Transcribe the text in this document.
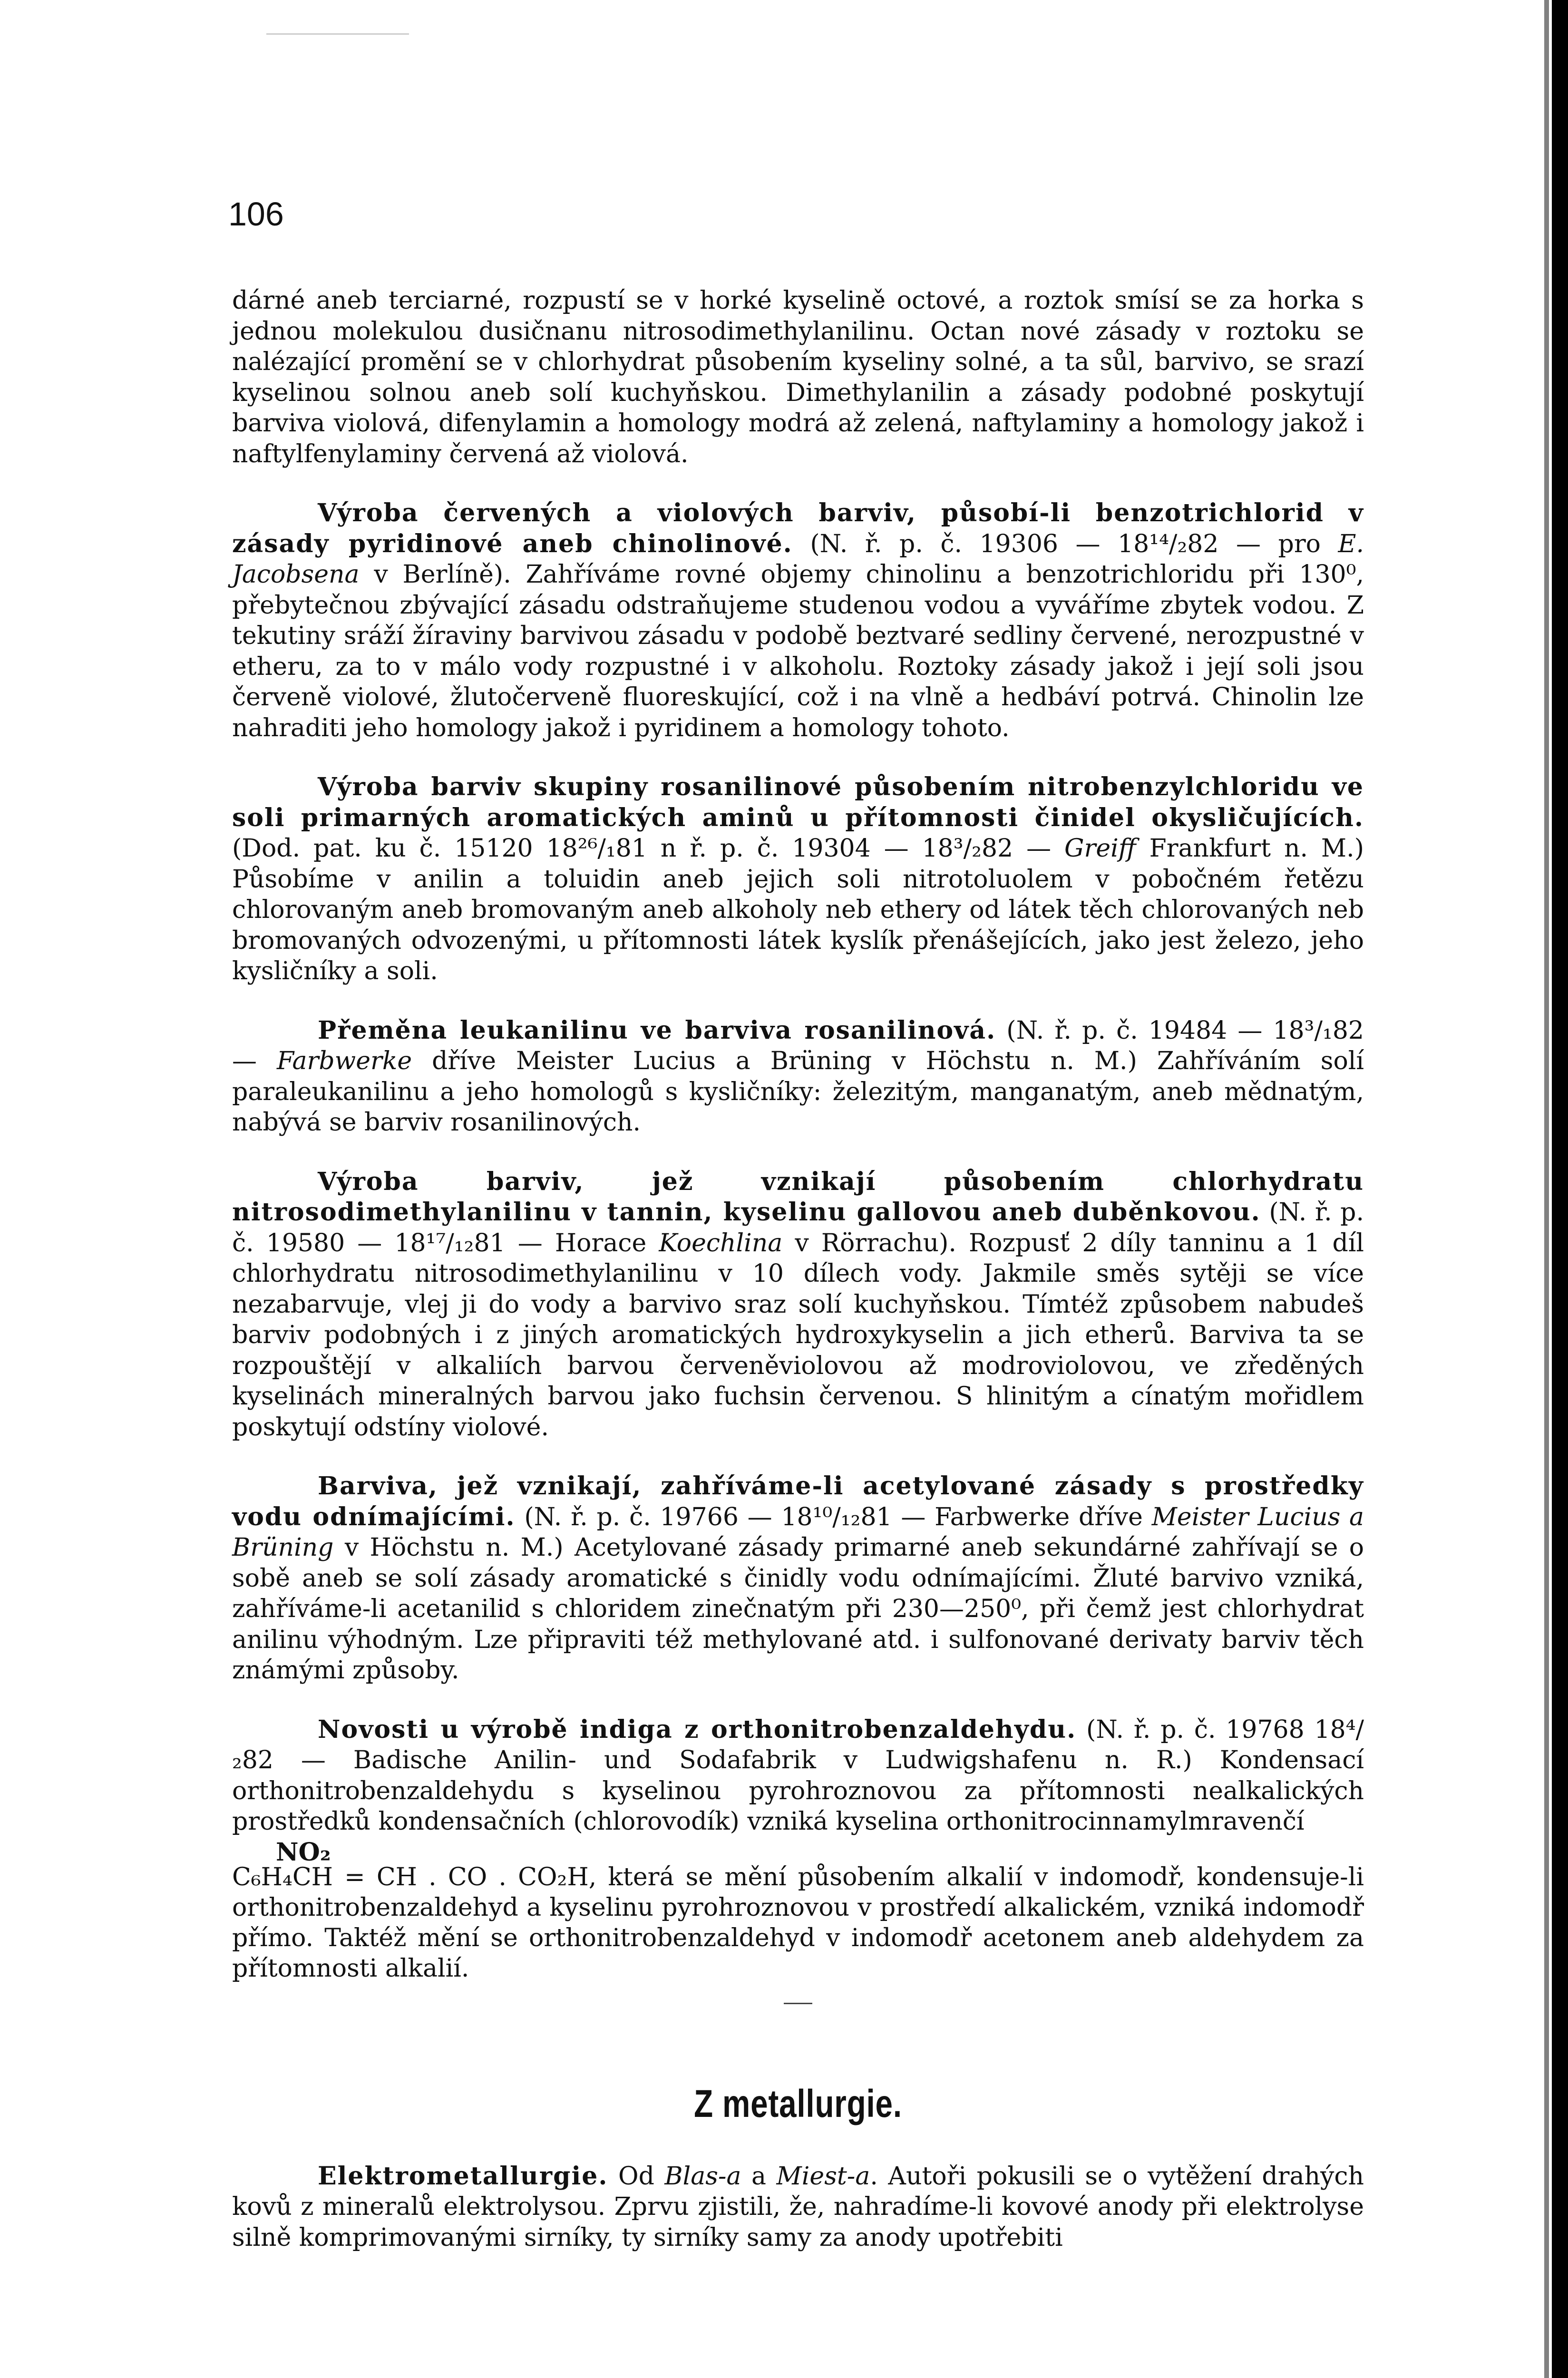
106

dárné aneb terciarné, rozpustí se v horké kyselině octové, a roztok smísí se za horka s jednou molekulou dusičnanu nitrosodimethylanilinu. Octan nové zásady v roztoku se nalézající promění se v chlorhydrat působením kyseliny solné, a ta sůl, barvivo, se srazí kyselinou solnou aneb solí kuchyňskou. Dimethylanilin a zásady podobné poskytují barviva violová, difenylamin a homology modrá až zelená, naftylaminy a homology jakož i naftylfenylaminy červená až violová.

Výroba červených a violových barviv, působí-li benzotrichlorid v zásady pyridinové aneb chinolinové. (N. ř. p. č. 19306 — 18¹⁴/₂82 — pro E. Jacobsena v Berlíně). Zahříváme rovné objemy chinolinu a benzotrichloridu při 130⁰, přebytečnou zbývající zásadu odstraňujeme studenou vodou a vyváříme zbytek vodou. Z tekutiny sráží žíraviny barvivou zásadu v podobě beztvaré sedliny červené, nerozpustné v etheru, za to v málo vody rozpustné i v alkoholu. Roztoky zásady jakož i její soli jsou červeně violové, žlutočerveně fluoreskující, což i na vlně a hedbáví potrvá. Chinolin lze nahraditi jeho homology jakož i pyridinem a homology tohoto.

Výroba barviv skupiny rosanilinové působením nitrobenzylchloridu ve soli primarných aromatických aminů u přítomnosti činidel okysličujících. (Dod. pat. ku č. 15120 18²⁶/₁81 n ř. p. č. 19304 — 18³/₂82 — Greiff Frankfurt n. M.) Působíme v anilin a toluidin aneb jejich soli nitrotoluolem v pobočném řetězu chlorovaným aneb bromovaným aneb alkoholy neb ethery od látek těch chlorovaných neb bromovaných odvozenými, u přítomnosti látek kyslík přenášejících, jako jest železo, jeho kysličníky a soli.

Přeměna leukanilinu ve barviva rosanilinová. (N. ř. p. č. 19484 — 18³/₁82 — Farbwerke dříve Meister Lucius a Brüning v Höchstu n. M.) Zahříváním solí paraleukanilinu a jeho homologů s kysličníky: železitým, manganatým, aneb mědnatým, nabývá se barviv rosanilinových.

Výroba barviv, jež vznikají působením chlorhydratu nitrosodimethylanilinu v tannin, kyselinu gallovou aneb duběnkovou. (N. ř. p. č. 19580 — 18¹⁷/₁₂81 — Horace Koechlina v Rörrachu). Rozpusť 2 díly tanninu a 1 díl chlorhydratu nitrosodimethylanilinu v 10 dílech vody. Jakmile směs sytěji se více nezabarvuje, vlej ji do vody a barvivo sraz solí kuchyňskou. Tímtéž způsobem nabudeš barviv podobných i z jiných aromatických hydroxykyselin a jich etherů. Barviva ta se rozpouštějí v alkaliích barvou červeněviolovou až modroviolovou, ve zředěných kyselinách mineralných barvou jako fuchsin červenou. S hlinitým a cínatým mořidlem poskytují odstíny violové.

Barviva, jež vznikají, zahříváme-li acetylované zásady s prostředky vodu odnímajícími. (N. ř. p. č. 19766 — 18¹⁰/₁₂81 — Farbwerke dříve Meister Lucius a Brüning v Höchstu n. M.) Acetylované zásady primarné aneb sekundárné zahřívají se o sobě aneb se solí zásady aromatické s činidly vodu odnímajícími. Žluté barvivo vzniká, zahříváme-li acetanilid s chloridem zinečnatým při 230—250⁰, při čemž jest chlorhydrat anilinu výhodným. Lze připraviti též methylované atd. i sulfonované derivaty barviv těch známými způsoby.

Novosti u výrobě indiga z orthonitrobenzaldehydu. (N. ř. p. č. 19768 18⁴/₂82 — Badische Anilin- und Sodafabrik v Ludwigshafenu n. R.) Kondensací orthonitrobenzaldehydu s kyselinou pyrohroznovou za přítomnosti nealkalických prostředků kondensačních (chlorovodík) vzniká kyselina orthonitrocinnamylmravenčí

NO₂
C₆H₄CH = CH . CO . CO₂H, která se mění působením alkalií v indomodř, kondensuje-li orthonitrobenzaldehyd a kyselinu pyrohroznovou v prostředí alkalickém, vzniká indomodř přímo. Taktéž mění se orthonitrobenzaldehyd v indomodř acetonem aneb aldehydem za přítomnosti alkalií.
Z metallurgie.

Elektrometallurgie. Od Blas-a a Miest-a. Autoři pokusili se o vytěžení drahých kovů z mineralů elektrolysou. Zprvu zjistili, že, nahradíme-li kovové anody při elektrolyse silně komprimovanými sirníky, ty sirníky samy za anody upotřebiti
